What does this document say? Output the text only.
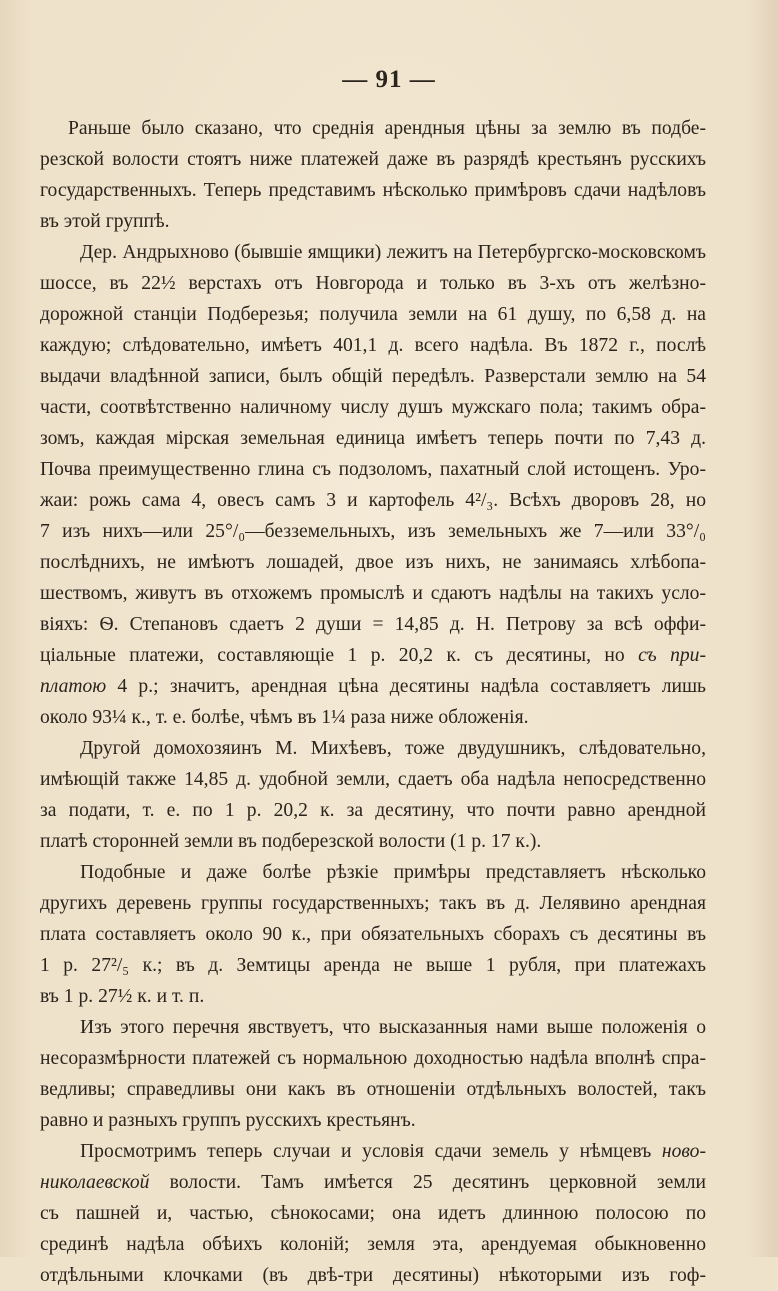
— 91 —
Раньше было сказано, что среднія арендныя цѣны за землю въ подбе-
резской волости стоятъ ниже платежей даже въ разрядѣ крестьянъ русскихъ
государственныхъ. Теперь представимъ нѣсколько примѣровъ сдачи надѣловъ
въ этой группѣ.
Дер. Андрыхново (бывшіе ямщики) лежитъ на Петербургско-московскомъ
шоссе, въ 22½ верстахъ отъ Новгорода и только въ 3-хъ отъ желѣзно-
дорожной станціи Подберезья; получила земли на 61 душу, по 6,58 д. на
каждую; слѣдовательно, имѣетъ 401,1 д. всего надѣла. Въ 1872 г., послѣ
выдачи владѣнной записи, былъ общій передѣлъ. Разверстали землю на 54
части, соотвѣтственно наличному числу душъ мужскаго пола; такимъ обра-
зомъ, каждая мірская земельная единица имѣетъ теперь почти по 7,43 д.
Почва преимущественно глина съ подзоломъ, пахатный слой истощенъ. Уро-
жаи: рожь сама 4, овесъ самъ 3 и картофель 4²/₃. Всѣхъ дворовъ 28, но
7 изъ нихъ—или 25°/₀—безземельныхъ, изъ земельныхъ же 7—или 33°/₀
послѣднихъ, не имѣютъ лошадей, двое изъ нихъ, не занимаясь хлѣбопа-
шествомъ, живутъ въ отхожемъ промыслѣ и сдаютъ надѣлы на такихъ усло-
віяхъ: Ѳ. Степановъ сдаетъ 2 души = 14,85 д. Н. Петрову за всѣ оффи-
ціальные платежи, составляющіе 1 р. 20,2 к. съ десятины, но съ при-
платою 4 р.; значитъ, арендная цѣна десятины надѣла составляетъ лишь
около 93¼ к., т. е. болѣе, чѣмъ въ 1¼ раза ниже обложенія.
Другой домохозяинъ М. Михѣевъ, тоже двудушникъ, слѣдовательно,
имѣющій также 14,85 д. удобной земли, сдаетъ оба надѣла непосредственно
за подати, т. е. по 1 р. 20,2 к. за десятину, что почти равно арендной
платѣ сторонней земли въ подберезской волости (1 р. 17 к.).
Подобные и даже болѣе рѣзкіе примѣры представляетъ нѣсколько
другихъ деревень группы государственныхъ; такъ въ д. Лелявино арендная
плата составляетъ около 90 к., при обязательныхъ сборахъ съ десятины въ
1 р. 27²/₅ к.; въ д. Земтицы аренда не выше 1 рубля, при платежахъ
въ 1 р. 27½ к. и т. п.
Изъ этого перечня явствуетъ, что высказанныя нами выше положенія о
несоразмѣрности платежей съ нормальною доходностью надѣла вполнѣ спра-
ведливы; справедливы они какъ въ отношеніи отдѣльныхъ волостей, такъ
равно и разныхъ группъ русскихъ крестьянъ.
Просмотримъ теперь случаи и условія сдачи земель у нѣмцевъ ново-
николаевской волости. Тамъ имѣется 25 десятинъ церковной земли
съ пашней и, частью, сѣнокосами; она идетъ длинною полосою по
срединѣ надѣла обѣихъ колоній; земля эта, арендуемая обыкновенно
отдѣльными клочками (въ двѣ-три десятины) нѣкоторыми изъ гоф-
